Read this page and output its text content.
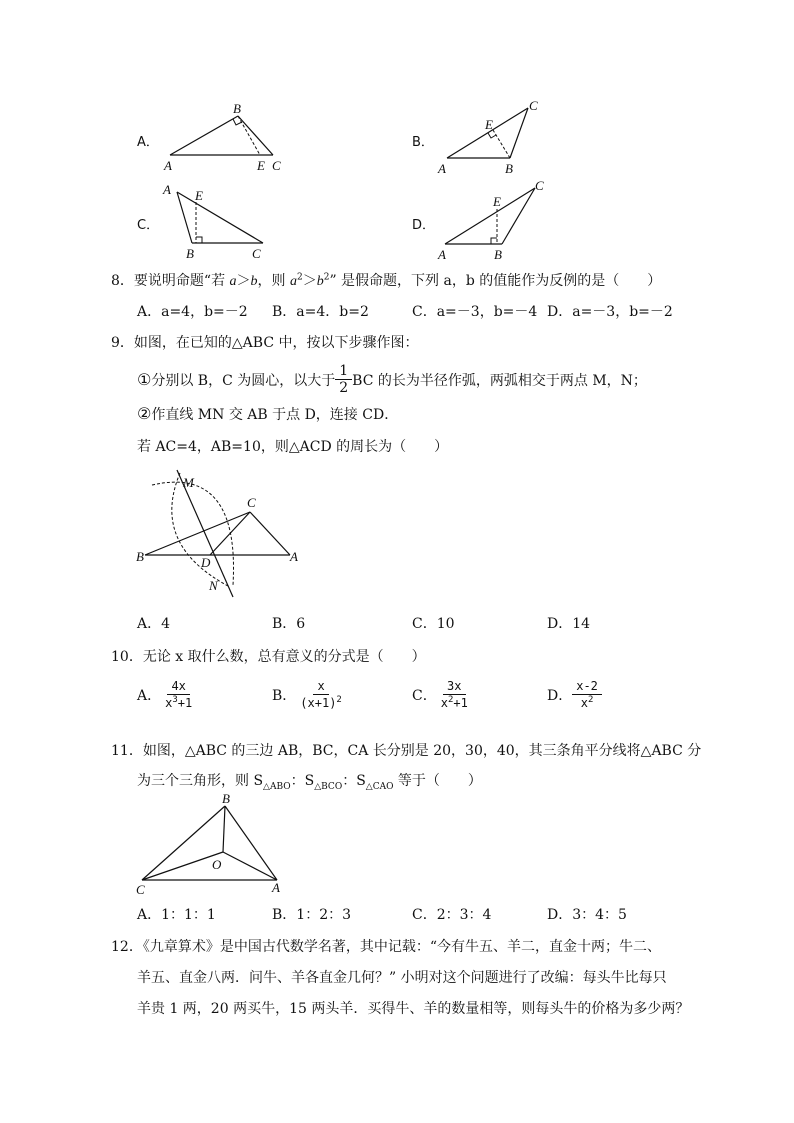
A．
B
A	E C
B．
C
E
A	B
C．
A E
B	C
D．
C
E
A	B
8．要说明命题“若 a＞b，则 $a^2>b^2$” 是假命题，下列 a，b 的值能作为反例的是（　　）
A．a=4，b=－2 B．a=4．b=2	C．a=－3，b=－4 D．a=－3，b=－2
9．如图，在已知的△ABC 中，按以下步骤作图：
① 分别以 B，C 为圆心，以大于 $\frac{1}{2}$ BC 的长为半径作弧，两弧相交于两点 M，N；
②作直线 MN 交 AB 于点 D，连接 CD．
若 AC=4，AB=10，则△ACD 的周长为（　　）
M
C
B	D	A
N
A．4	B．6	C．10	D．14
10．无论 x 取什么数，总有意义的分式是（　　）
A． $\frac{4x}{x^3+1}$	B． $\frac{x}{(x+1)^2}$	C． $\frac{3x}{x^2+1}$	D． $\frac{x-2}{x^2}$
11．如图，△ABC 的三边 AB，BC，CA 长分别是 20，30，40，其三条角平分线将△ABC 分
为三个三角形，则 $S_{\triangle ABO}$：$S_{\triangle BCO}$：$S_{\triangle CAO}$ 等于（　　）
B
O
C	A
A．1：1：1	B．1：2：3	C．2：3：4	D．3：4：5
12．《九章算术》是中国古代数学名著，其中记载：“今有牛五、羊二，直金十两；牛二、
羊五、直金八两．问牛、羊各直金几何？” 小明对这个问题进行了改编：每头牛比每只
羊贵 1 两，20 两买牛，15 两头羊．买得牛、羊的数量相等，则每头牛的价格为多少两？
